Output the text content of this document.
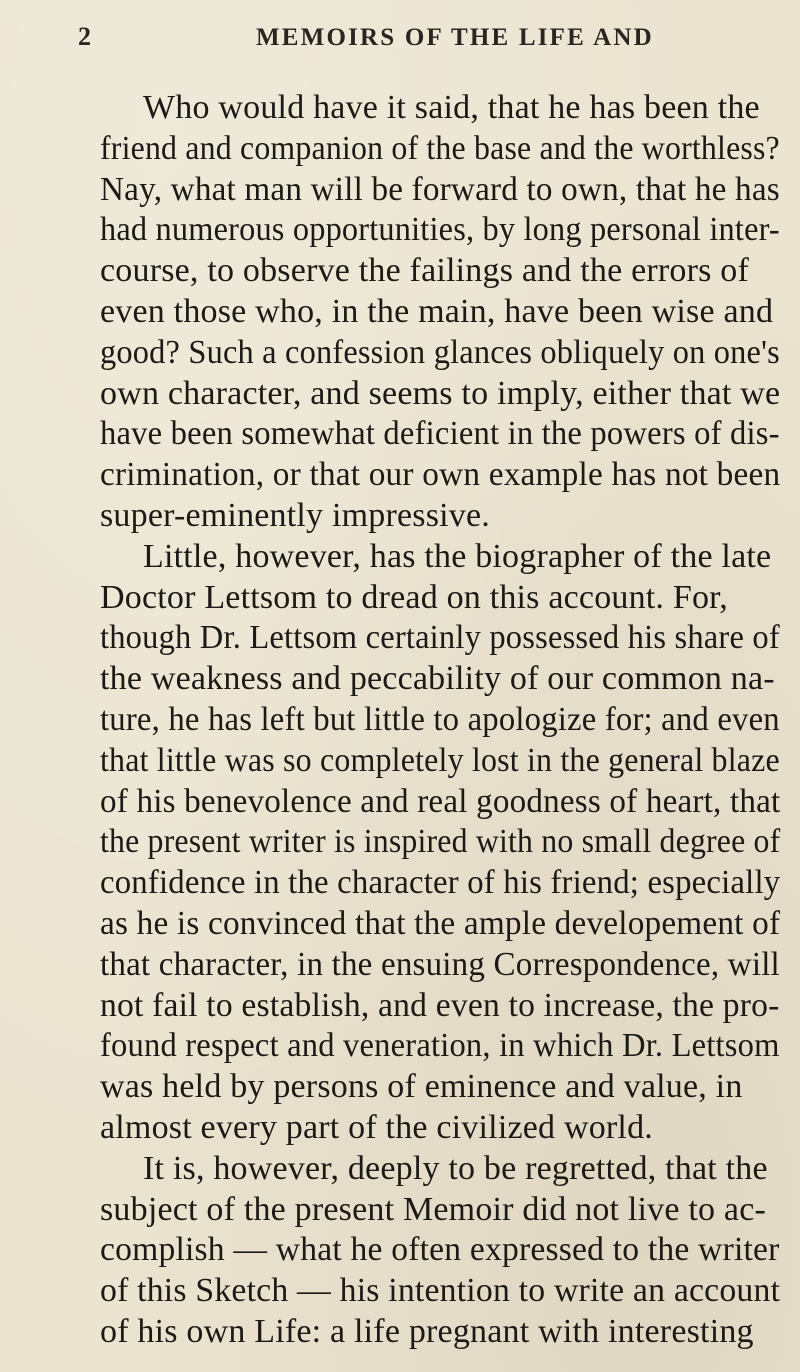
2	MEMOIRS OF THE LIFE AND
Who would have it said, that he has been the
friend and companion of the base and the worthless?
Nay, what man will be forward to own, that he has
had numerous opportunities, by long personal inter-
course, to observe the failings and the errors of
even those who, in the main, have been wise and
good? Such a confession glances obliquely on one's
own character, and seems to imply, either that we
have been somewhat deficient in the powers of dis-
crimination, or that our own example has not been
super-eminently impressive.
Little, however, has the biographer of the late
Doctor Lettsom to dread on this account. For,
though Dr. Lettsom certainly possessed his share of
the weakness and peccability of our common na-
ture, he has left but little to apologize for; and even
that little was so completely lost in the general blaze
of his benevolence and real goodness of heart, that
the present writer is inspired with no small degree of
confidence in the character of his friend; especially
as he is convinced that the ample developement of
that character, in the ensuing Correspondence, will
not fail to establish, and even to increase, the pro-
found respect and veneration, in which Dr. Lettsom
was held by persons of eminence and value, in
almost every part of the civilized world.
It is, however, deeply to be regretted, that the
subject of the present Memoir did not live to ac-
complish — what he often expressed to the writer
of this Sketch — his intention to write an account
of his own Life: a life pregnant with interesting
